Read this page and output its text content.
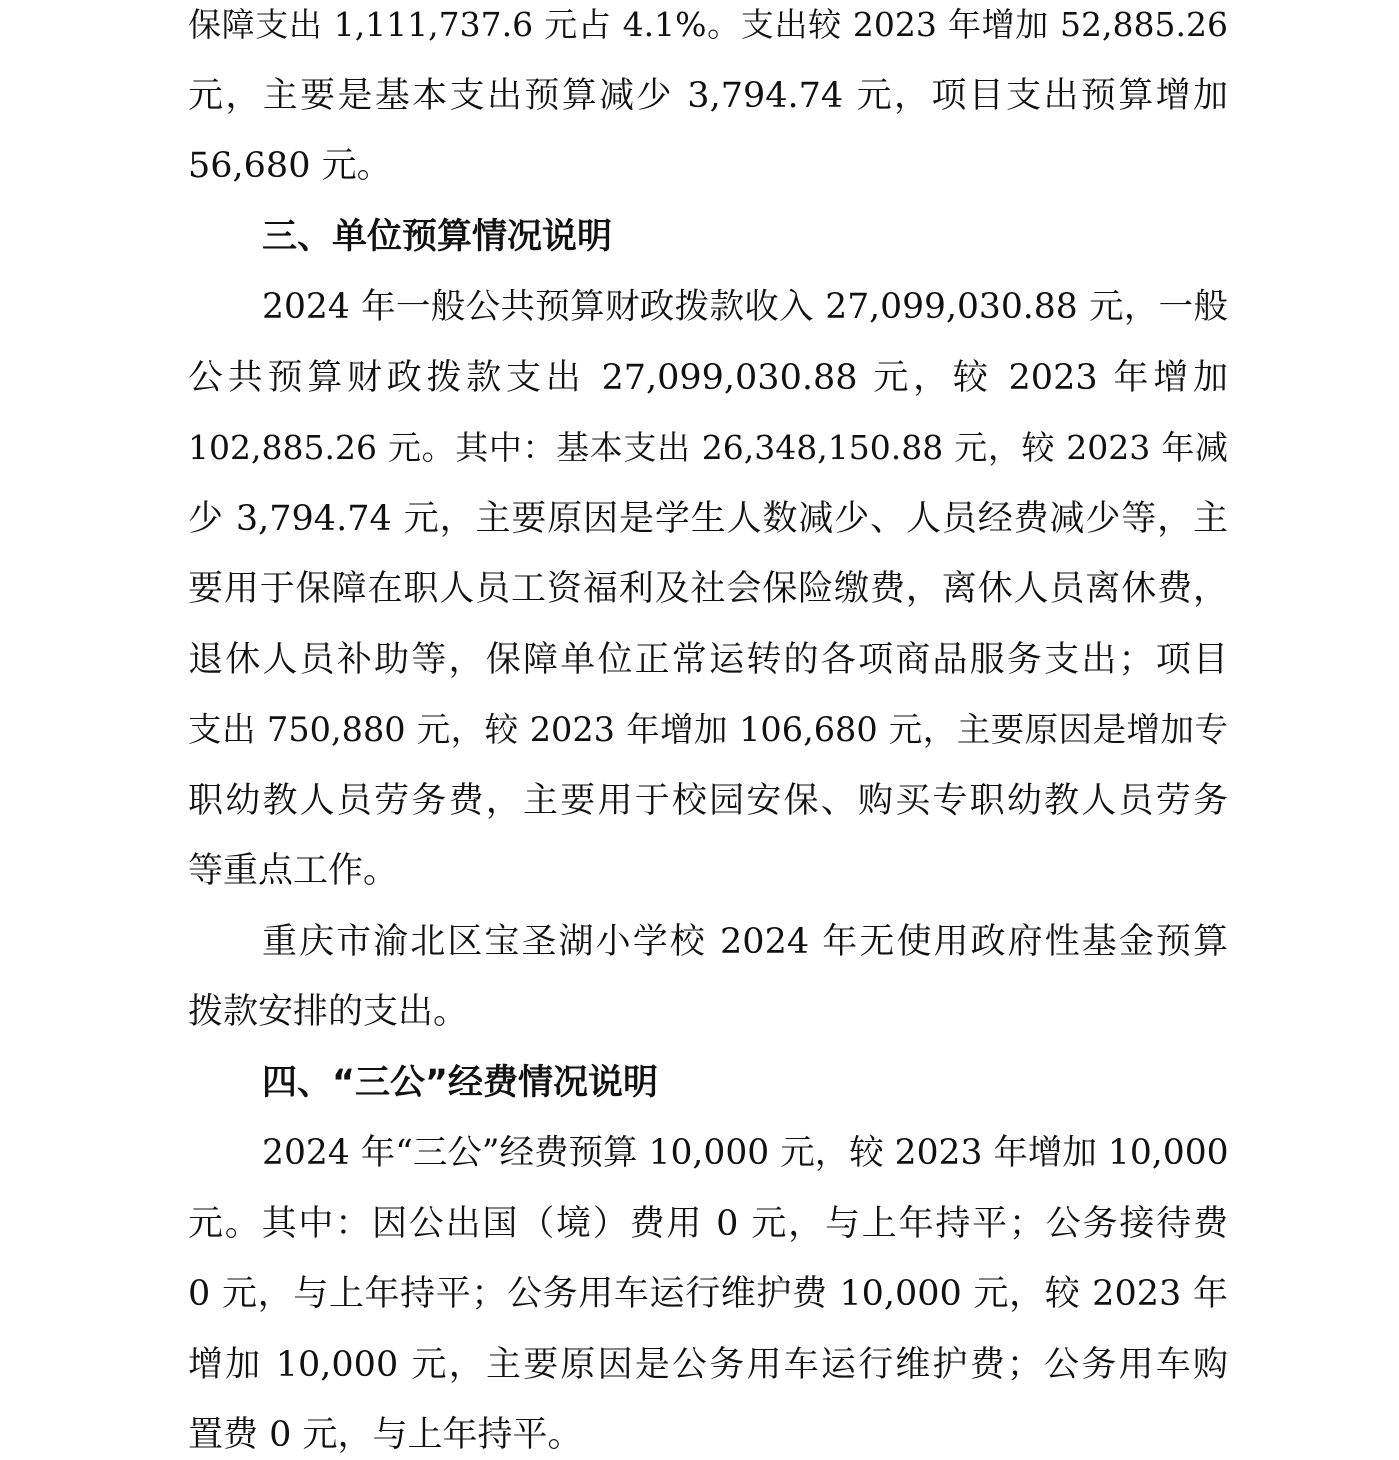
保障支出 1,111,737.6 元占 4.1%。支出较 2023 年增加 52,885.26
元，主要是基本支出预算减少 3,794.74 元，项目支出预算增加
56,680 元。
三、单位预算情况说明
2024 年一般公共预算财政拨款收入 27,099,030.88 元，一般
公共预算财政拨款支出 27,099,030.88 元，较 2023 年增加
102,885.26 元。其中：基本支出 26,348,150.88 元，较 2023 年减
少 3,794.74 元，主要原因是学生人数减少、人员经费减少等，主
要用于保障在职人员工资福利及社会保险缴费，离休人员离休费，
退休人员补助等，保障单位正常运转的各项商品服务支出；项目
支出 750,880 元，较 2023 年增加 106,680 元，主要原因是增加专
职幼教人员劳务费，主要用于校园安保、购买专职幼教人员劳务
等重点工作。
重庆市渝北区宝圣湖小学校 2024 年无使用政府性基金预算
拨款安排的支出。
四、“三公”经费情况说明
2024 年“三公”经费预算 10,000 元，较 2023 年增加 10,000
元。其中：因公出国（境）费用 0 元，与上年持平；公务接待费
0 元，与上年持平；公务用车运行维护费 10,000 元，较 2023 年
增加 10,000 元，主要原因是公务用车运行维护费；公务用车购
置费 0 元，与上年持平。
